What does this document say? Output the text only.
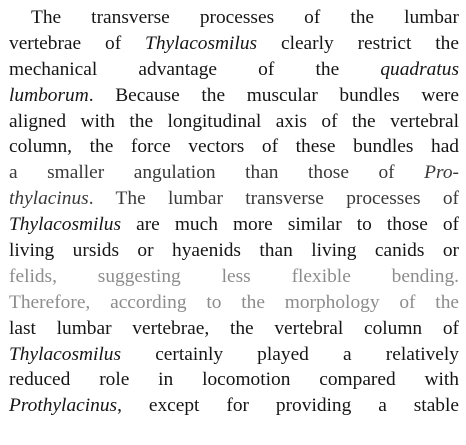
The transverse processes of the lumbar
vertebrae of Thylacosmilus clearly restrict the
mechanical advantage of the quadratus
lumborum. Because the muscular bundles were
aligned with the longitudinal axis of the vertebral
column, the force vectors of these bundles had
a smaller angulation than those of Pro-
thylacinus. The lumbar transverse processes of
Thylacosmilus are much more similar to those of
living ursids or hyaenids than living canids or
felids, suggesting less flexible bending.
Therefore, according to the morphology of the
last lumbar vertebrae, the vertebral column of
Thylacosmilus certainly played a relatively
reduced role in locomotion compared with
Prothylacinus, except for providing a stable
